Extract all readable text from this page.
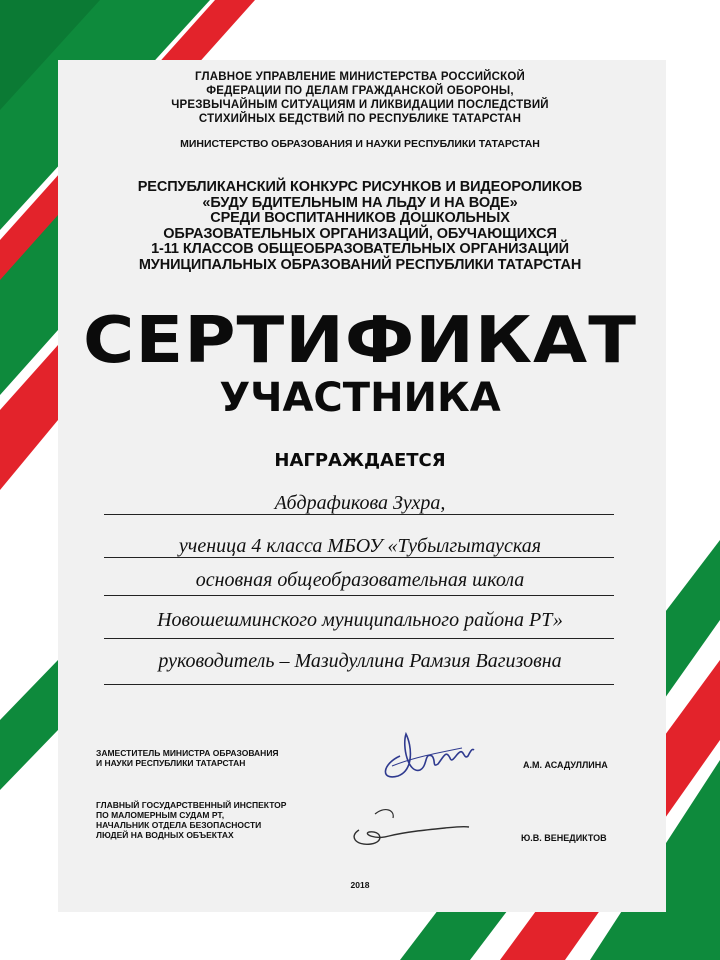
ГЛАВНОЕ УПРАВЛЕНИЕ МИНИСТЕРСТВА РОССИЙСКОЙ
ФЕДЕРАЦИИ ПО ДЕЛАМ ГРАЖДАНСКОЙ ОБОРОНЫ,
ЧРЕЗВЫЧАЙНЫМ СИТУАЦИЯМ И ЛИКВИДАЦИИ ПОСЛЕДСТВИЙ
СТИХИЙНЫХ БЕДСТВИЙ ПО РЕСПУБЛИКЕ ТАТАРСТАН
МИНИСТЕРСТВО ОБРАЗОВАНИЯ И НАУКИ РЕСПУБЛИКИ ТАТАРСТАН
РЕСПУБЛИКАНСКИЙ КОНКУРС РИСУНКОВ И ВИДЕОРОЛИКОВ
«БУДУ БДИТЕЛЬНЫМ НА ЛЬДУ И НА ВОДЕ»
СРЕДИ ВОСПИТАННИКОВ ДОШКОЛЬНЫХ
ОБРАЗОВАТЕЛЬНЫХ ОРГАНИЗАЦИЙ, ОБУЧАЮЩИХСЯ
1-11 КЛАССОВ ОБЩЕОБРАЗОВАТЕЛЬНЫХ ОРГАНИЗАЦИЙ
МУНИЦИПАЛЬНЫХ ОБРАЗОВАНИЙ РЕСПУБЛИКИ ТАТАРСТАН
СЕРТИФИКАТ
УЧАСТНИКА
НАГРАЖДАЕТСЯ
Абдрафикова Зухра,
ученица 4 класса МБОУ «Тубылгытауская
основная общеобразовательная школа
Новошешминского муниципального района РТ»
руководитель – Мазидуллина Рамзия Вагизовна
ЗАМЕСТИТЕЛЬ МИНИСТРА ОБРАЗОВАНИЯ
И НАУКИ РЕСПУБЛИКИ ТАТАРСТАН	А.М. АСАДУЛЛИНА
ГЛАВНЫЙ ГОСУДАРСТВЕННЫЙ ИНСПЕКТОР
ПО МАЛОМЕРНЫМ СУДАМ РТ,
НАЧАЛЬНИК ОТДЕЛА БЕЗОПАСНОСТИ
ЛЮДЕЙ НА ВОДНЫХ ОБЪЕКТАХ	Ю.В. ВЕНЕДИКТОВ
2018
